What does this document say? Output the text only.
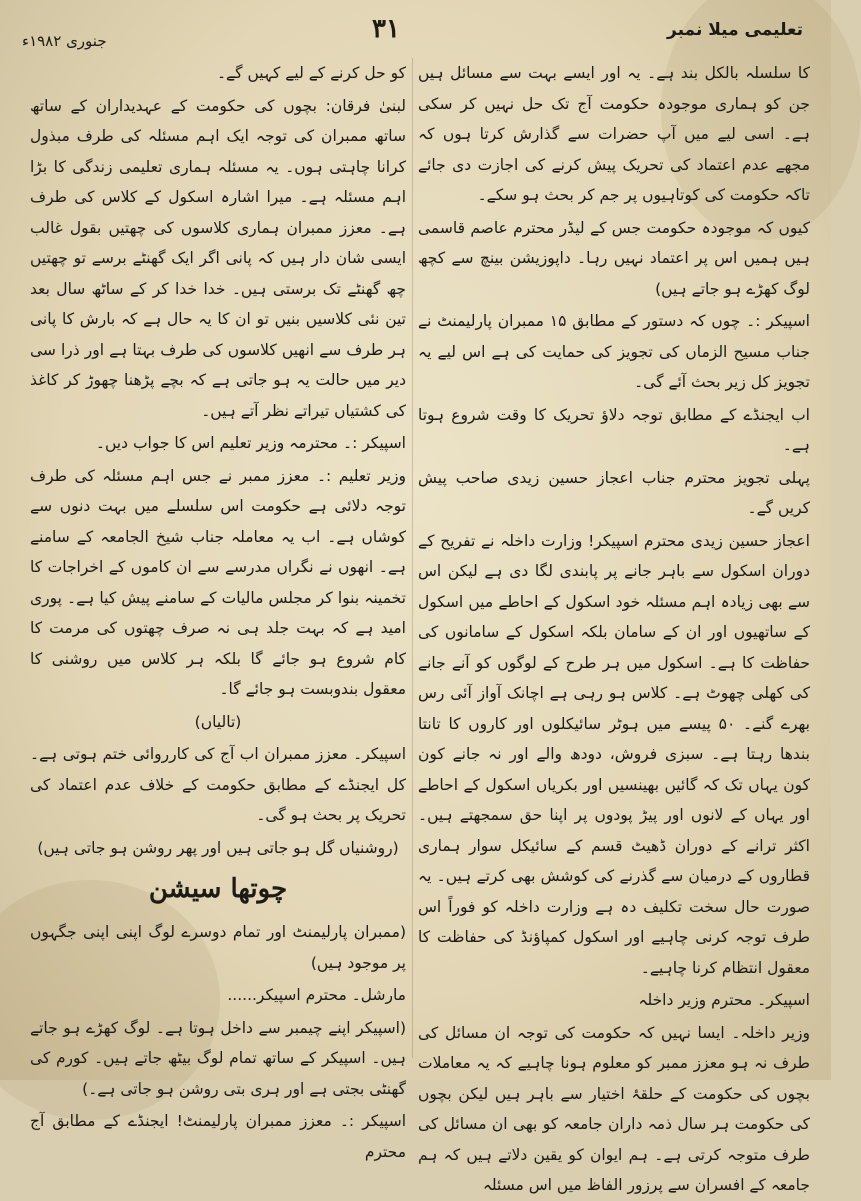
تعلیمی میلا نمبر
۳۱
جنوری ۱۹۸۲ء

کا سلسلہ بالکل بند ہے۔ یہ اور ایسے بہت سے مسائل ہیں جن کو ہماری موجودہ حکومت آج تک حل نہیں کر سکی ہے۔ اسی لیے میں آپ حضرات سے گذارش کرتا ہوں کہ مجھے عدم اعتماد کی تحریک پیش کرنے کی اجازت دی جائے تاکہ حکومت کی کوتاہیوں پر جم کر بحث ہو سکے۔

کیوں کہ موجودہ حکومت جس کے لیڈر محترم عاصم قاسمی ہیں ہمیں اس پر اعتماد نہیں رہا۔ داپوزیشن بینچ سے کچھ لوگ کھڑے ہو جاتے ہیں)

اسپیکر :۔ چوں کہ دستور کے مطابق ۱۵ ممبران پارلیمنٹ نے جناب مسیح الزماں کی تجویز کی حمایت کی ہے اس لیے یہ تجویز کل زیر بحث آئے گی۔

اب ایجنڈے کے مطابق توجہ دلاؤ تحریک کا وقت شروع ہوتا ہے۔

پہلی تجویز محترم جناب اعجاز حسین زیدی صاحب پیش کریں گے۔

اعجاز حسین زیدی محترم اسپیکر! وزارت داخلہ نے تفریح کے دوران اسکول سے باہر جانے پر پابندی لگا دی ہے لیکن اس سے بھی زیادہ اہم مسئلہ خود اسکول کے احاطے میں اسکول کے ساتھیوں اور ان کے سامان بلکہ اسکول کے سامانوں کی حفاظت کا ہے۔ اسکول میں ہر طرح کے لوگوں کو آنے جانے کی کھلی چھوٹ ہے۔ کلاس ہو رہی ہے اچانک آواز آئی رس بھرے گنے۔ ۵۰ پیسے میں ہوٹر سائیکلوں اور کاروں کا تانتا بندھا رہتا ہے۔ سبزی فروش، دودھ والے اور نہ جانے کون کون یہاں تک کہ گائیں بھینسیں اور بکریاں اسکول کے احاطے اور یہاں کے لانوں اور پیڑ پودوں پر اپنا حق سمجھتے ہیں۔ اکثر ترانے کے دوران ڈھیٹ قسم کے سائیکل سوار ہماری قطاروں کے درمیان سے گذرنے کی کوشش بھی کرتے ہیں۔ یہ صورت حال سخت تکلیف دہ ہے وزارت داخلہ کو فوراً اس طرف توجہ کرنی چاہیے اور اسکول کمپاؤنڈ کی حفاظت کا معقول انتظام کرنا چاہیے۔

اسپیکر۔ محترم وزیر داخلہ

وزیر داخلہ۔ ایسا نہیں کہ حکومت کی توجہ ان مسائل کی طرف نہ ہو معزز ممبر کو معلوم ہونا چاہیے کہ یہ معاملات بچوں کی حکومت کے حلقۂ اختیار سے باہر ہیں لیکن بچوں کی حکومت ہر سال ذمہ داران جامعہ کو بھی ان مسائل کی طرف متوجہ کرتی ہے۔ ہم ایوان کو یقین دلاتے ہیں کہ ہم جامعہ کے افسران سے پرزور الفاظ میں اس مسئلہ

کو حل کرنے کے لیے کہیں گے۔

لبنیٰ فرقان: بچوں کی حکومت کے عہدیداران کے ساتھ ساتھ ممبران کی توجہ ایک اہم مسئلہ کی طرف مبذول کرانا چاہتی ہوں۔ یہ مسئلہ ہماری تعلیمی زندگی کا بڑا اہم مسئلہ ہے۔ میرا اشارہ اسکول کے کلاس کی طرف ہے۔ معزز ممبران ہماری کلاسوں کی چھتیں بقول غالب ایسی شان دار ہیں کہ پانی اگر ایک گھنٹے برسے تو چھتیں چھ گھنٹے تک برستی ہیں۔ خدا خدا کر کے ساٹھ سال بعد تین نئی کلاسیں بنیں تو ان کا یہ حال ہے کہ بارش کا پانی ہر طرف سے انھیں کلاسوں کی طرف بہتا ہے اور ذرا سی دیر میں حالت یہ ہو جاتی ہے کہ بچے پڑھنا چھوڑ کر کاغذ کی کشتیاں تیراتے نظر آتے ہیں۔

اسپیکر :۔ محترمہ وزیر تعلیم اس کا جواب دیں۔

وزیر تعلیم :۔ معزز ممبر نے جس اہم مسئلہ کی طرف توجہ دلائی ہے حکومت اس سلسلے میں بہت دنوں سے کوشاں ہے۔ اب یہ معاملہ جناب شیخ الجامعہ کے سامنے ہے۔ انھوں نے نگراں مدرسے سے ان کاموں کے اخراجات کا تخمینہ بنوا کر مجلس مالیات کے سامنے پیش کیا ہے۔ پوری امید ہے کہ بہت جلد ہی نہ صرف چھتوں کی مرمت کا کام شروع ہو جائے گا بلکہ ہر کلاس میں روشنی کا معقول بندوبست ہو جائے گا۔

(تالیاں)

اسپیکر۔ معزز ممبران اب آج کی کارروائی ختم ہوتی ہے۔ کل ایجنڈے کے مطابق حکومت کے خلاف عدم اعتماد کی تحریک پر بحث ہو گی۔

(روشنیاں گل ہو جاتی ہیں اور پھر روشن ہو جاتی ہیں)

چوتھا سیشن

(ممبران پارلیمنٹ اور تمام دوسرے لوگ اپنی اپنی جگہوں پر موجود ہیں)

مارشل۔ محترم اسپیکر......

(اسپیکر اپنے چیمبر سے داخل ہوتا ہے۔ لوگ کھڑے ہو جاتے ہیں۔ اسپیکر کے ساتھ تمام لوگ بیٹھ جاتے ہیں۔ کورم کی گھنٹی بجتی ہے اور ہری بتی روشن ہو جاتی ہے۔)

اسپیکر :۔ معزز ممبران پارلیمنٹ! ایجنڈے کے مطابق آج محترم
